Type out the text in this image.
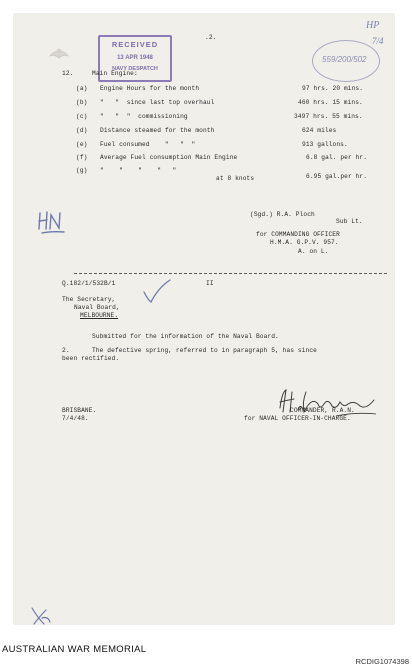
RECEIVED
13 APR 1948
NAVY DESPATCH
.2.
559/200/502
HP
7/4
12.	Main Engine:
(a) Engine Hours for the month	97 hrs. 20 mins.
(b) "   "  since last top overhaul	460 hrs. 15 mins.
(c) "   "  "  commissioning	3497 hrs. 55 mins.
(d) Distance steamed for the month	624 miles
(e) Fuel consumed    "   "  "	913 gallons.
(f) Average Fuel consumption Main Engine	6.8 gal. per hr.
(g) "    "    "    "   "
at 8 knots	6.95 gal.per hr.
(Sgd.) R.A. Ploch
Sub Lt.
for COMMANDING OFFICER
H.M.A. G.P.V. 957.
A. on L.
Q.182/1/532B/1	II
The Secretary,
Naval Board,
MELBOURNE.
Submitted for the information of the Naval Board.
2.	The defective spring, referred to in paragraph 5, has since
been rectified.
BRISBANE.
7/4/48.
COMMANDER, R.A.N.
for NAVAL OFFICER-IN-CHARGE.
AUSTRALIAN WAR MEMORIAL
RCDIG1074398
